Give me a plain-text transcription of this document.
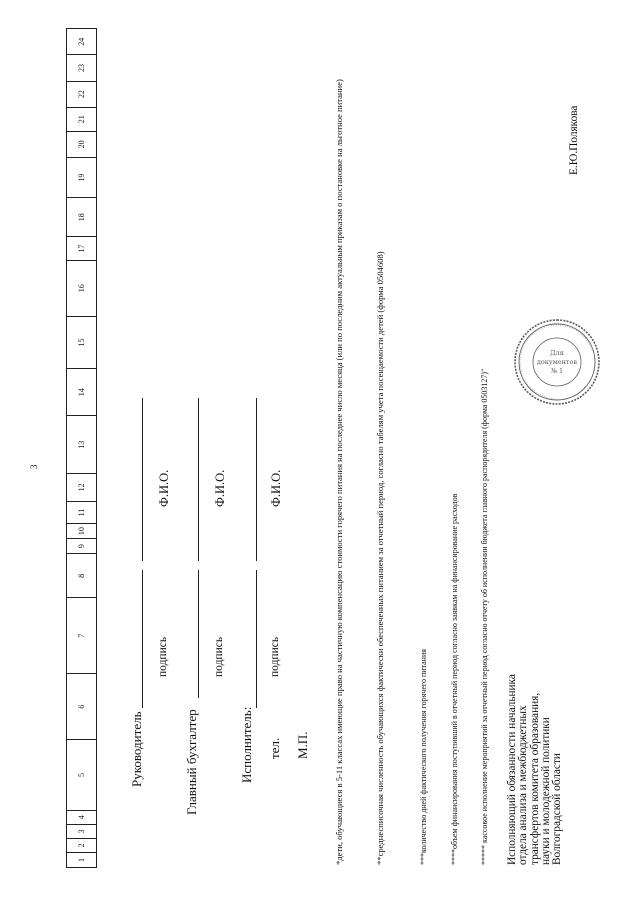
3
1	2	3	4	5	6	7	8	9	10	11	12	13	14	15	16	17	18	19	20	21	22	23	24
Руководитель
подпись
Ф.И.О.
Главный бухгалтер
подпись
Ф.И.О.
Исполнитель:
подпись
Ф.И.О.
тел. М.П.	*дети, обучающиеся в 5-11 классах имеющие право на частичную компенсацию стоимости горячего питания на последнее число месяца (или по последним актуальным приказам о постановке на льготное питание)	**среднесписочная численность обучающихся фактически обеспеченных питанием за отчетный период, согласно табелям учета посещаемости детей (форма 0504608)	***количество дней фактического получения горячего питания	****объем финансирования поступивший в отчетный период согласно заявкам на финансирование расходов	***** кассовое исполнение мероприятий за отчетный период согласно отчету об исполнении бюджета главного распорядителя (форма 0503127)" Исполняющий обязанности начальника отдела анализа и межбюджетных трансфертов комитета образования, науки и молодежной политики Волгоградской области
Е.Ю.Полякова
·····································································
Для
документов
№ 1
